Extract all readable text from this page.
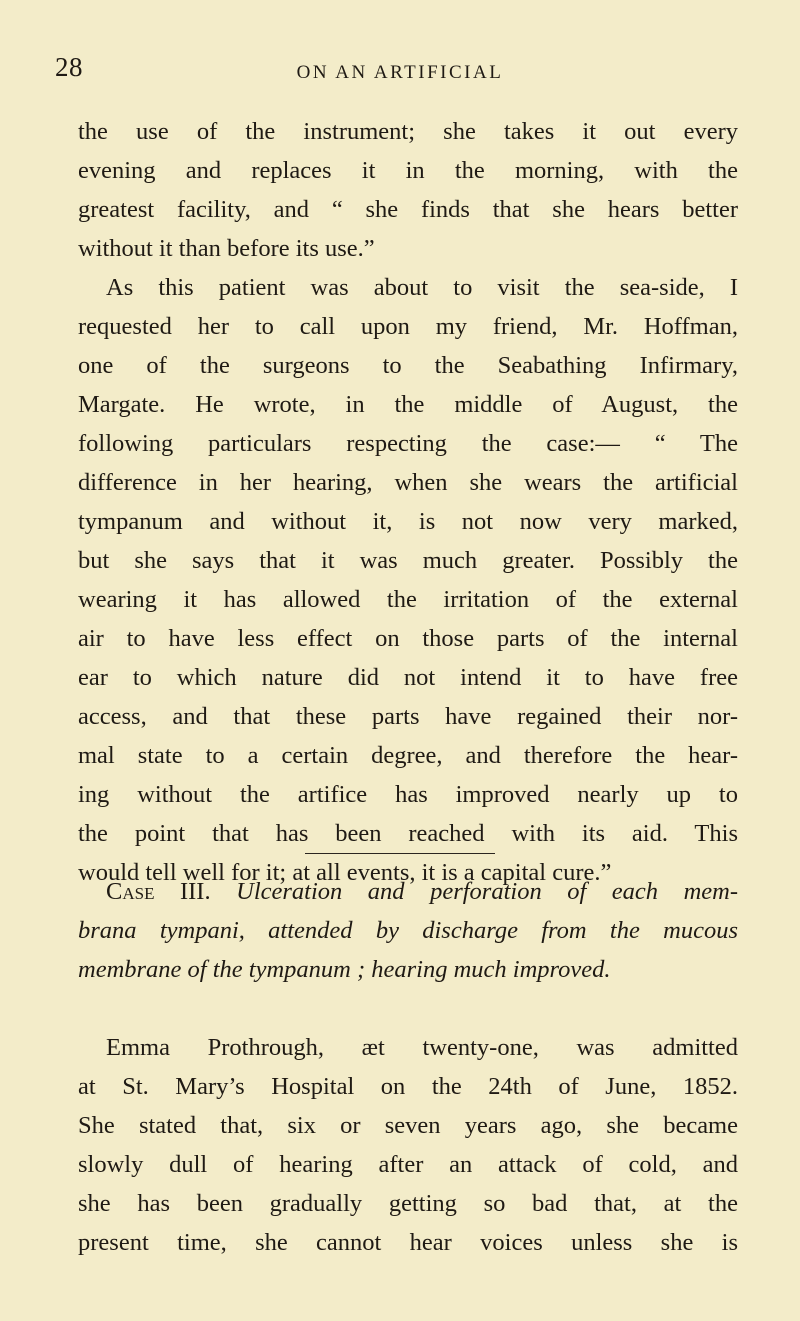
28	ON AN ARTIFICIAL
the use of the instrument; she takes it out every
evening and replaces it in the morning, with the
greatest facility, and “ she finds that she hears better
without it than before its use.”
As this patient was about to visit the sea-side, I
requested her to call upon my friend, Mr. Hoffman,
one of the surgeons to the Seabathing Infirmary,
Margate. He wrote, in the middle of August, the
following particulars respecting the case:— “ The
difference in her hearing, when she wears the artificial
tympanum and without it, is not now very marked,
but she says that it was much greater. Possibly the
wearing it has allowed the irritation of the external
air to have less effect on those parts of the internal
ear to which nature did not intend it to have free
access, and that these parts have regained their nor-
mal state to a certain degree, and therefore the hear-
ing without the artifice has improved nearly up to
the point that has been reached with its aid. This
would tell well for it; at all events, it is a capital cure.”
Case III. Ulceration and perforation of each mem-
brana tympani, attended by discharge from the mucous
membrane of the tympanum ; hearing much improved.
Emma Prothrough, æt twenty-one, was admitted
at St. Mary’s Hospital on the 24th of June, 1852.
She stated that, six or seven years ago, she became
slowly dull of hearing after an attack of cold, and
she has been gradually getting so bad that, at the
present time, she cannot hear voices unless she is
